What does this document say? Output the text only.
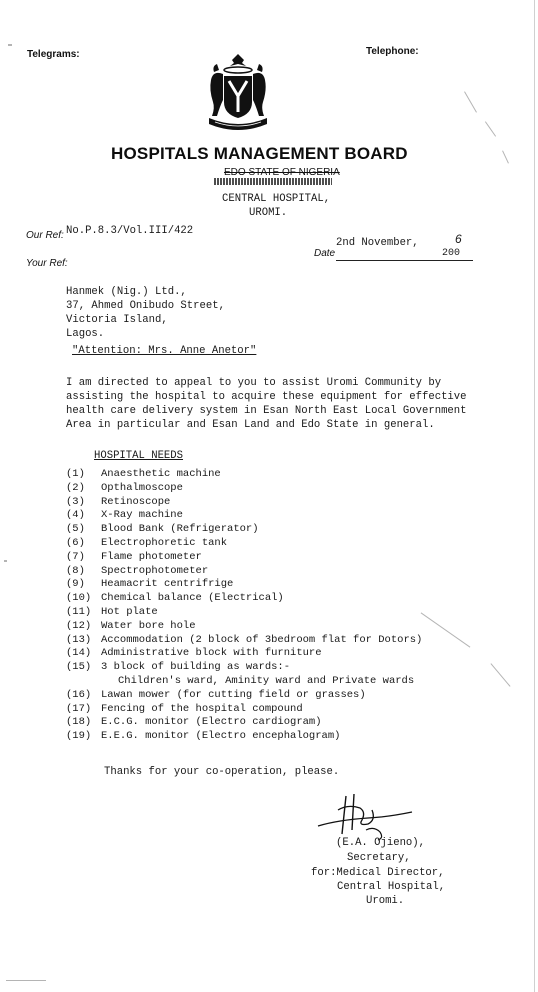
Telegrams:	Telephone:
HOSPITALS MANAGEMENT BOARD
EDO STATE OF NIGERIA
CENTRAL HOSPITAL,
UROMI.
Our Ref: No.P.8.3/Vol.III/422
Your Ref:
2nd November,
Date	200
6
Hanmek (Nig.) Ltd.,
37, Ahmed Onibudo Street,
Victoria Island,
Lagos.
"Attention: Mrs. Anne Anetor"
I am directed to appeal to you to assist Uromi Community by
assisting the hospital to acquire these equipment for effective
health care delivery system in Esan North East Local Government
Area in particular and Esan Land and Edo State in general.
HOSPITAL NEEDS
(1) Anaesthetic machine
(2) Opthalmoscope
(3) Retinoscope
(4) X-Ray machine
(5) Blood Bank (Refrigerator)
(6) Electrophoretic tank
(7) Flame photometer
(8) Spectrophotometer
(9) Heamacrit centrifrige
(10) Chemical balance (Electrical)
(11) Hot plate
(12) Water bore hole
(13) Accommodation (2 block of 3bedroom flat for Dotors)
(14) Administrative block with furniture
(15) 3 block of building as wards:-
Children's ward, Aminity ward and Private wards
(16) Lawan mower (for cutting field or grasses)
(17) Fencing of the hospital compound
(18) E.C.G. monitor (Electro cardiogram)
(19) E.E.G. monitor (Electro encephalogram)
Thanks for your co-operation, please.
(E.A. Ojieno),
Secretary,
for:Medical Director,
Central Hospital,
Uromi.
